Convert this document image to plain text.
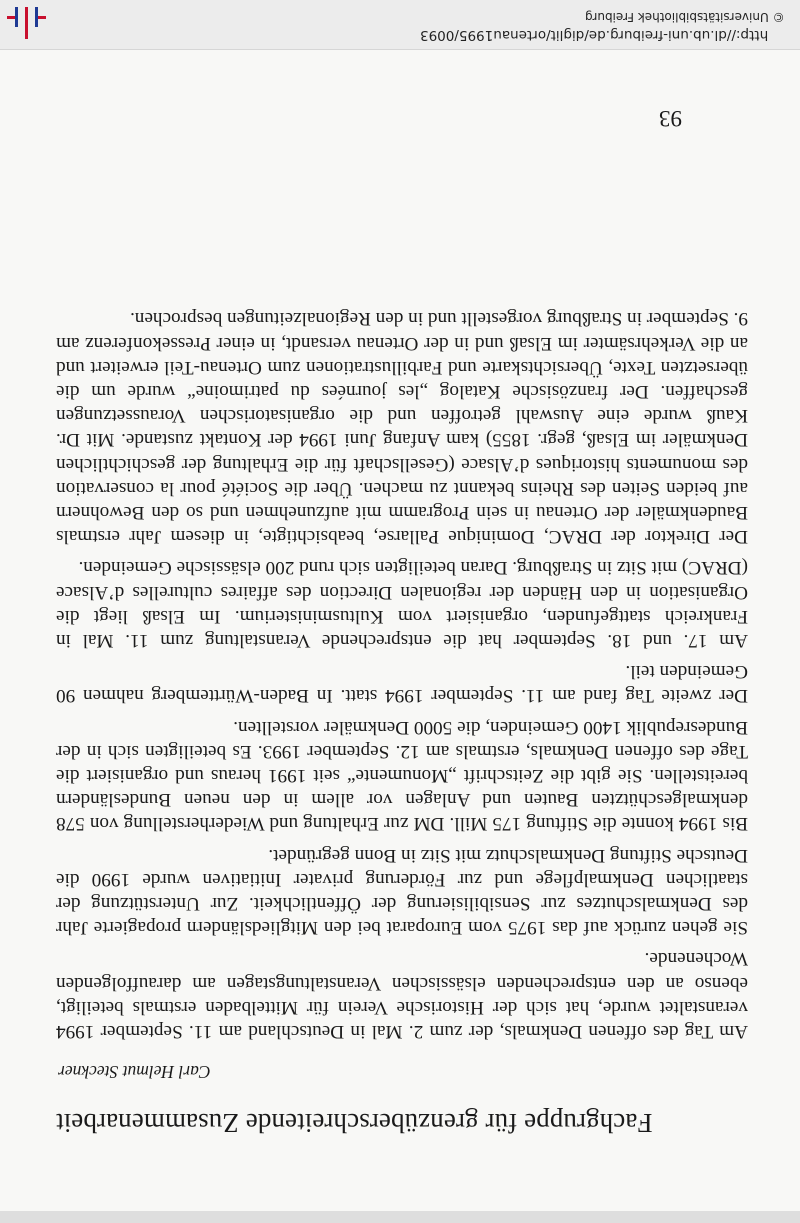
Fachgruppe für grenzüberschreitende Zusammenarbeit
Carl Helmut Steckner

Am Tag des offenen Denkmals, der zum 2. Mal in Deutschland am 11. September 1994 veranstaltet wurde, hat sich der Historische Verein für Mittelbaden erstmals beteiligt, ebenso an den entsprechenden elsässischen Veranstaltungstagen am darauffolgenden Wochenende.

Sie gehen zurück auf das 1975 vom Europarat bei den Mitgliedsländern propagierte Jahr des Denkmalschutzes zur Sensibilisierung der Öffentlichkeit. Zur Unterstützung der staatlichen Denkmalpflege und zur Förderung privater Initiativen wurde 1990 die Deutsche Stiftung Denkmalschutz mit Sitz in Bonn gegründet.

Bis 1994 konnte die Stiftung 175 Mill. DM zur Erhaltung und Wiederherstellung von 578 denkmalgeschützten Bauten und Anlagen vor allem in den neuen Bundesländern bereitstellen. Sie gibt die Zeitschrift „Monumente“ seit 1991 heraus und organisiert die Tage des offenen Denkmals, erstmals am 12. September 1993. Es beteiligten sich in der Bundesrepublik 1400 Gemeinden, die 5000 Denkmäler vorstellten.

Der zweite Tag fand am 11. September 1994 statt. In Baden-Württemberg nahmen 90 Gemeinden teil.

Am 17. und 18. September hat die entsprechende Veranstaltung zum 11. Mal in Frankreich stattgefunden, organisiert vom Kultusministerium. Im Elsaß liegt die Organisation in den Händen der regionalen Direction des affaires culturelles d’Alsace (DRAC) mit Sitz in Straßburg. Daran beteiligten sich rund 200 elsässische Gemeinden.

Der Direktor der DRAC, Dominique Pallarse, beabsichtigte, in diesem Jahr erstmals Baudenkmäler der Ortenau in sein Programm mit aufzunehmen und so den Bewohnern auf beiden Seiten des Rheins bekannt zu machen. Über die Société pour la conservation des monuments historiques d’Alsace (Gesellschaft für die Erhaltung der geschichtlichen Denkmäler im Elsaß, gegr. 1855) kam Anfang Juni 1994 der Kontakt zustande. Mit Dr. Kauß wurde eine Auswahl getroffen und die organisatorischen Voraussetzungen geschaffen. Der französische Katalog „les journées du patrimoine“ wurde um die übersetzten Texte, Übersichtskarte und Farbillustrationen zum Ortenau-Teil erweitert und an die Verkehrsämter im Elsaß und in der Ortenau versandt, in einer Pressekonferenz am 9. September in Straßburg vorgestellt und in den Regionalzeitungen besprochen.

93
http://dl.ub.uni-freiburg.de/diglit/ortenau1995/0093
© Universitätsbibliothek Freiburg
